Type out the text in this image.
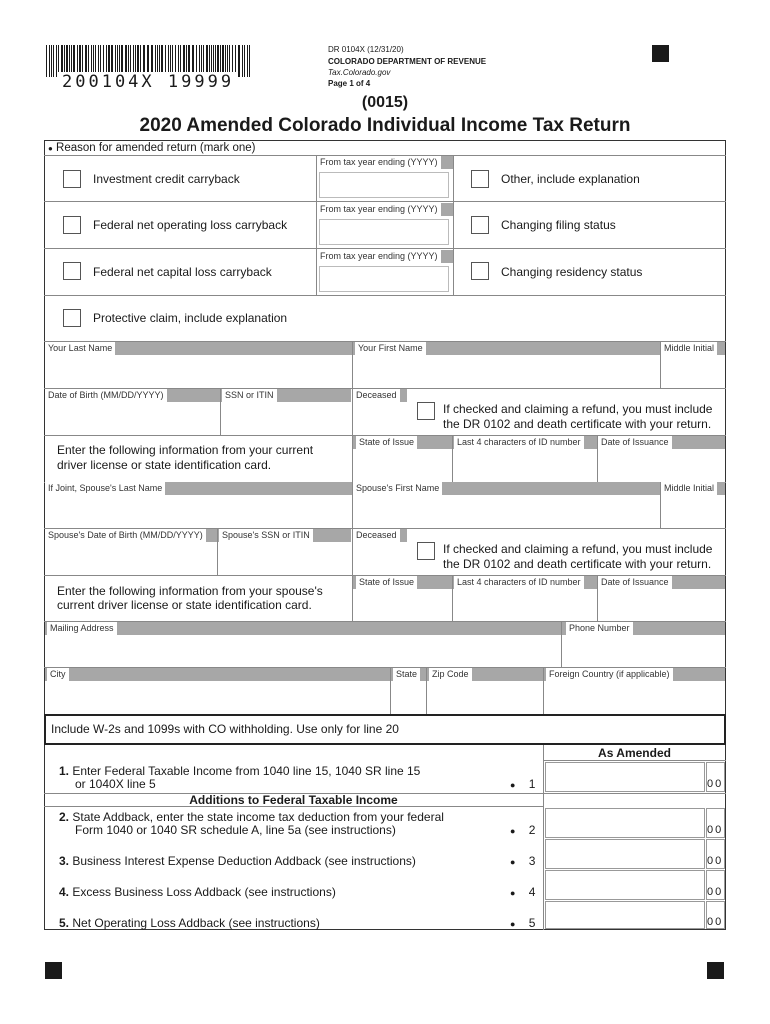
200104X 19999
DR 0104X (12/31/20)
COLORADO DEPARTMENT OF REVENUE
Tax.Colorado.gov
Page 1 of 4
(0015)
2020 Amended Colorado Individual Income Tax Return
● Reason for amended return (mark one)
From tax year ending (YYYY)
From tax year ending (YYYY)
From tax year ending (YYYY)
Investment credit carryback
Federal net operating loss carryback
Federal net capital loss carryback
Other, include explanation
Changing filing status
Changing residency status
Protective claim, include explanation
Your Last Name	Your First Name	Middle Initial
Date of Birth (MM/DD/YYYY)	SSN or ITIN	Deceased
If checked and claiming a refund, you must include
the DR 0102 and death certificate with your return.
Enter the following information from your current
driver license or state identification card.
State of Issue	Last 4 characters of ID number	Date of Issuance
If Joint, Spouse's Last Name	Spouse's First Name	Middle Initial
Spouse's Date of Birth (MM/DD/YYYY)	Spouse's SSN or ITIN	Deceased
If checked and claiming a refund, you must include
the DR 0102 and death certificate with your return.
Enter the following information from your spouse's
current driver license or state identification card.
State of Issue	Last 4 characters of ID number	Date of Issuance
Mailing Address	Phone Number
City	State	Zip Code	Foreign Country (if applicable)
Include W-2s and 1099s with CO withholding. Use only for line 20
As Amended
1. Enter Federal Taxable Income from 1040 line 15, 1040 SR line 15
or 1040X line 5	● 1	00
Additions to Federal Taxable Income
2. State Addback, enter the state income tax deduction from your federal
Form 1040 or 1040 SR schedule A, line 5a (see instructions)	● 2	00
3. Business Interest Expense Deduction Addback (see instructions)	● 3	00
4. Excess Business Loss Addback (see instructions)	● 4	00
5. Net Operating Loss Addback (see instructions)	● 5	00
